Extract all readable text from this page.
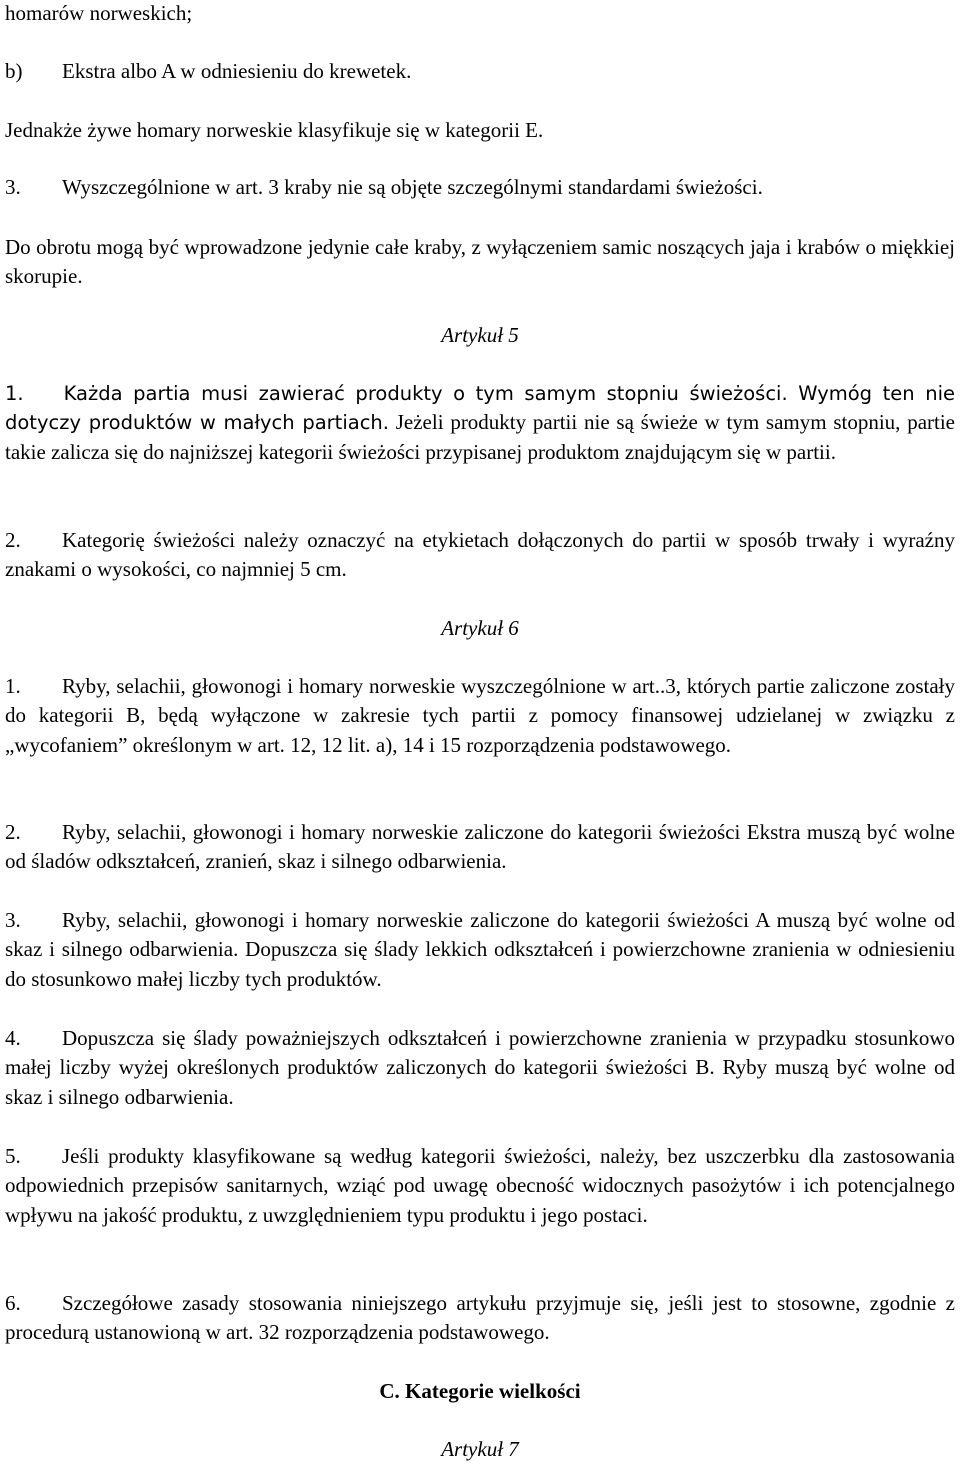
homarów norweskich;

b) Ekstra albo A w odniesieniu do krewetek.

Jednakże żywe homary norweskie klasyfikuje się w kategorii E.

3. Wyszczególnione w art. 3 kraby nie są objęte szczególnymi standardami świeżości.

Do obrotu mogą być wprowadzone jedynie całe kraby, z wyłączeniem samic noszących jaja i krabów o miękkiej skorupie.

Artykuł 5

1. Każda partia musi zawierać produkty o tym samym stopniu świeżości. Wymóg ten nie dotyczy produktów w małych partiach. Jeżeli produkty partii nie są świeże w tym samym stopniu, partie takie zalicza się do najniższej kategorii świeżości przypisanej produktom znajdującym się w partii.

2. Kategorię świeżości należy oznaczyć na etykietach dołączonych do partii w sposób trwały i wyraźny znakami o wysokości, co najmniej 5 cm.

Artykuł 6

1. Ryby, selachii, głowonogi i homary norweskie wyszczególnione w art..3, których partie zaliczone zostały do kategorii B, będą wyłączone w zakresie tych partii z pomocy finansowej udzielanej w związku z „wycofaniem” określonym w art. 12, 12 lit. a), 14 i 15 rozporządzenia podstawowego.

2. Ryby, selachii, głowonogi i homary norweskie zaliczone do kategorii świeżości Ekstra muszą być wolne od śladów odkształceń, zranień, skaz i silnego odbarwienia.

3. Ryby, selachii, głowonogi i homary norweskie zaliczone do kategorii świeżości A muszą być wolne od skaz i silnego odbarwienia. Dopuszcza się ślady lekkich odkształceń i powierzchowne zranienia w odniesieniu do stosunkowo małej liczby tych produktów.

4. Dopuszcza się ślady poważniejszych odkształceń i powierzchowne zranienia w przypadku stosunkowo małej liczby wyżej określonych produktów zaliczonych do kategorii świeżości B. Ryby muszą być wolne od skaz i silnego odbarwienia.

5. Jeśli produkty klasyfikowane są według kategorii świeżości, należy, bez uszczerbku dla zastosowania odpowiednich przepisów sanitarnych, wziąć pod uwagę obecność widocznych pasożytów i ich potencjalnego wpływu na jakość produktu, z uwzględnieniem typu produktu i jego postaci.

6. Szczegółowe zasady stosowania niniejszego artykułu przyjmuje się, jeśli jest to stosowne, zgodnie z procedurą ustanowioną w art. 32 rozporządzenia podstawowego.

C. Kategorie wielkości
Artykuł 7
